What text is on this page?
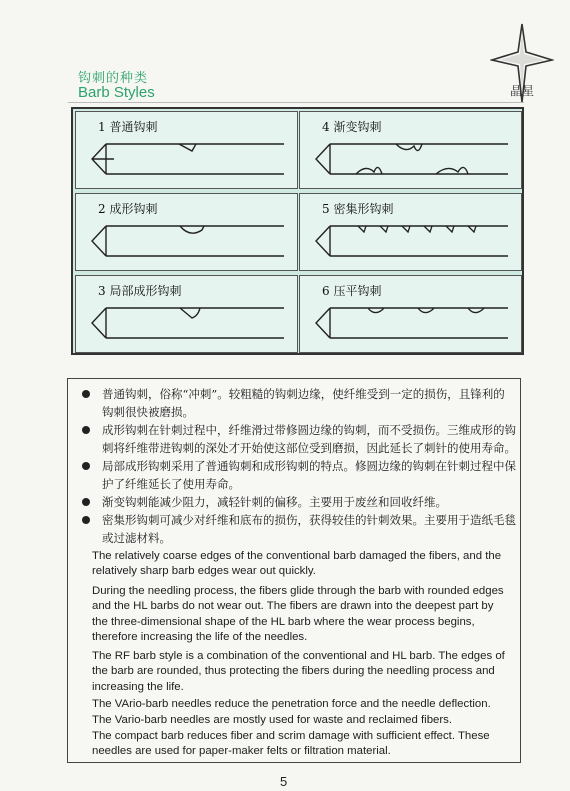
晶星
钩刺的种类
Barb Styles
1 普通钩刺	4 渐变钩刺
2 成形钩刺	5 密集形钩刺
3 局部成形钩刺	6 压平钩刺
普通钩刺，俗称“冲刺”。较粗糙的钩刺边缘，使纤维受到一定的损伤，且锋利的钩刺很快被磨损。
成形钩刺在针刺过程中，纤维滑过带修圆边缘的钩刺，而不受损伤。三维成形的钩刺将纤维带进钩刺的深处才开始使这部位受到磨损，因此延长了刺针的使用寿命。
局部成形钩刺采用了普通钩刺和成形钩刺的特点。修圆边缘的钩刺在针刺过程中保护了纤维延长了使用寿命。
渐变钩刺能减少阻力，减轻针刺的偏移。主要用于废丝和回收纤维。
密集形钩刺可减少对纤维和底布的损伤，获得较佳的针刺效果。主要用于造纸毛毯或过滤材料。
The relatively coarse edges of the conventional barb damaged the fibers, and the relatively sharp barb edges wear out quickly.
During the needling process, the fibers glide through the barb with rounded edges and the HL barbs do not wear out. The fibers are drawn into the deepest part by the three-dimensional shape of the HL barb where the wear process begins, therefore increasing the life of the needles.
The RF barb style is a combination of the conventional and HL barb. The edges of the barb are rounded, thus protecting the fibers during the needling process and increasing the life.
The VArio-barb needles reduce the penetration force and the needle deflection.
The Vario-barb needles are mostly used for waste and reclaimed fibers.
The compact barb reduces fiber and scrim damage with sufficient effect. These needles are used for paper-maker felts or filtration material.
5
